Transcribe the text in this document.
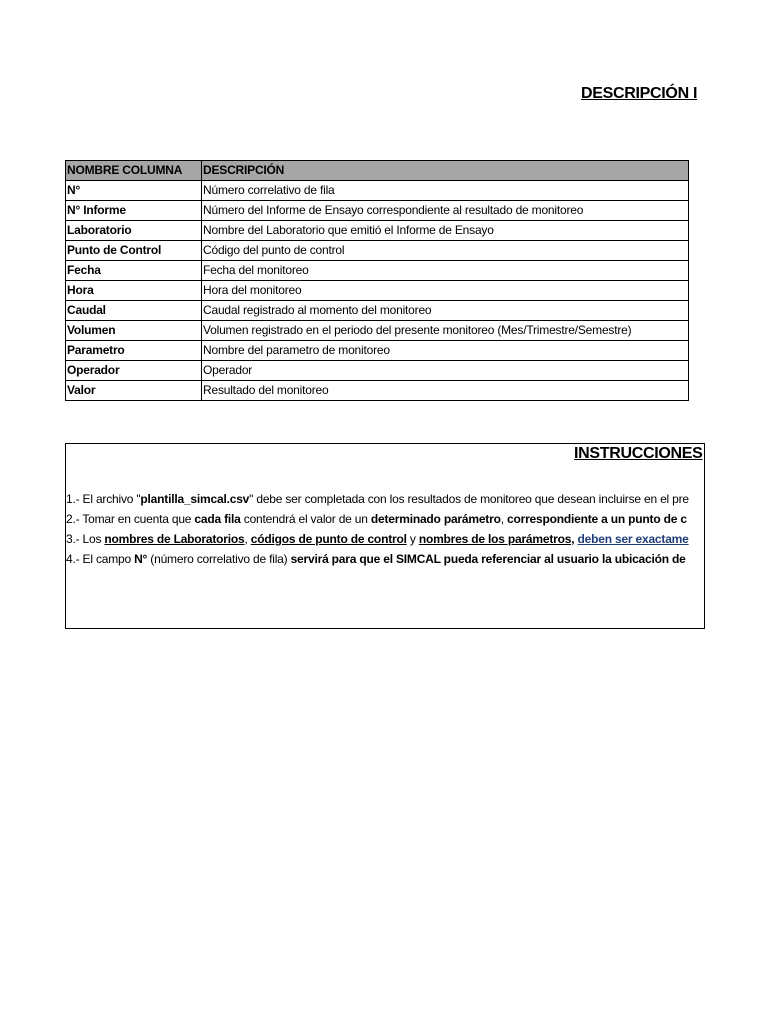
DESCRIPCIÓN I
NOMBRE COLUMNA	DESCRIPCIÓN
N°	Número correlativo de fila
N° Informe	Número del Informe de Ensayo correspondiente al resultado de monitoreo
Laboratorio	Nombre del Laboratorio que emitió el Informe de Ensayo
Punto de Control	Código del punto de control
Fecha	Fecha del monitoreo
Hora	Hora del monitoreo
Caudal	Caudal registrado al momento del monitoreo
Volumen	Volumen registrado en el periodo del presente monitoreo (Mes/Trimestre/Semestre)
Parametro	Nombre del parametro de monitoreo
Operador	Operador
Valor	Resultado del monitoreo
INSTRUCCIONES
1.- El archivo "plantilla_simcal.csv" debe ser completada con los resultados de monitoreo que desean incluirse en el pre
2.- Tomar en cuenta que cada fila contendrá el valor de un determinado parámetro, correspondiente a un punto de c
3.- Los nombres de Laboratorios, códigos de punto de control y nombres de los parámetros, deben ser exactame
4.- El campo N° (número correlativo de fila) servirá para que el SIMCAL pueda referenciar al usuario la ubicación de
